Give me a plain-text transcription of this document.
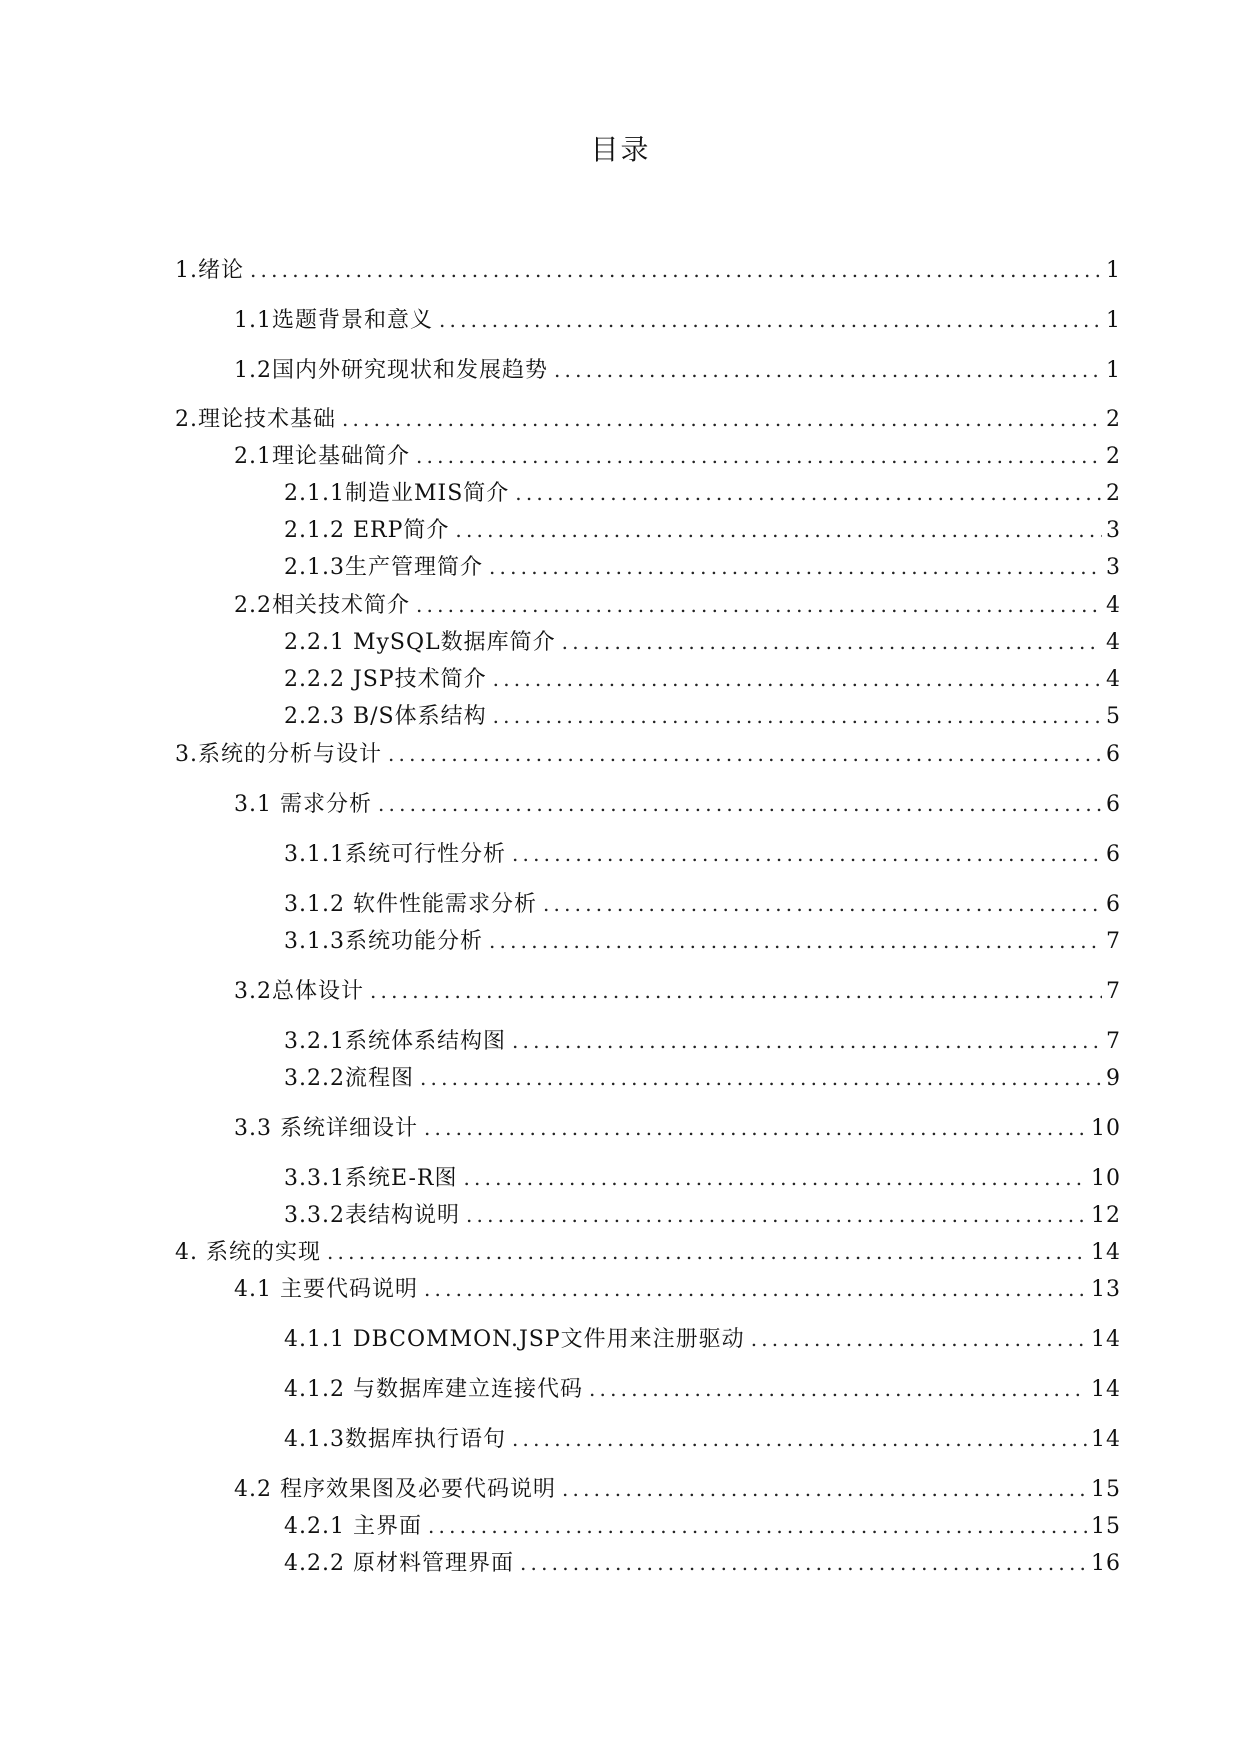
目录
1.绪论 .....	1
1.1选题背景和意义 .....	1
1.2国内外研究现状和发展趋势 .....	1
2.理论技术基础 .....	2
2.1理论基础简介 .....	2
2.1.1制造业MIS简介 .....	2
2.1.2 ERP简介 .....	3
2.1.3生产管理简介 .....	3
2.2相关技术简介 .....	4
2.2.1 MySQL数据库简介 .....	4
2.2.2 JSP技术简介 .....	4
2.2.3 B/S体系结构 .....	5
3.系统的分析与设计 .....	6
3.1 需求分析 .....	6
3.1.1系统可行性分析 .....	6
3.1.2 软件性能需求分析 .....	6
3.1.3系统功能分析 .....	7
3.2总体设计 .....	7
3.2.1系统体系结构图 .....	7
3.2.2流程图 .....	9
3.3 系统详细设计 .....	10
3.3.1系统E-R图 .....	10
3.3.2表结构说明 .....	12
4. 系统的实现 .....	14
4.1 主要代码说明 .....	13
4.1.1 DBCOMMON.JSP文件用来注册驱动 .....	14
4.1.2 与数据库建立连接代码 .....	14
4.1.3数据库执行语句 .....	14
4.2 程序效果图及必要代码说明 .....	15
4.2.1 主界面 .....	15
4.2.2 原材料管理界面 .....	16
